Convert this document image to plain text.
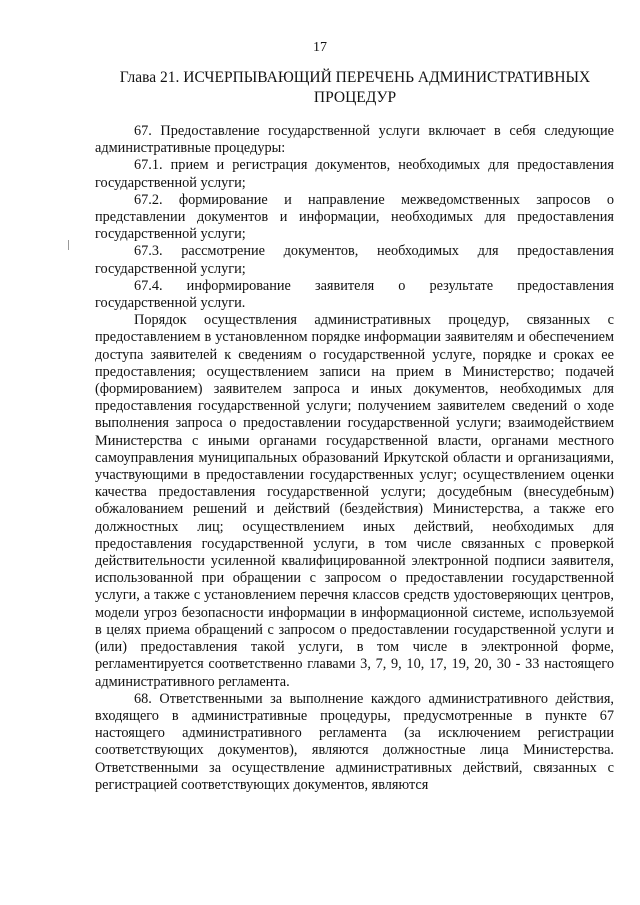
17
Глава 21. ИСЧЕРПЫВАЮЩИЙ ПЕРЕЧЕНЬ АДМИНИСТРАТИВНЫХ ПРОЦЕДУР

67. Предоставление государственной услуги включает в себя следующие административные процедуры:

67.1. прием и регистрация документов, необходимых для предоставления государственной услуги;

67.2. формирование и направление межведомственных запросов о представлении документов и информации, необходимых для предоставления государственной услуги;

67.3. рассмотрение документов, необходимых для предоставления государственной услуги;

67.4. информирование заявителя о результате предоставления государственной услуги.

Порядок осуществления административных процедур, связанных с предоставлением в установленном порядке информации заявителям и обеспечением доступа заявителей к сведениям о государственной услуге, порядке и сроках ее предоставления; осуществлением записи на прием в Министерство; подачей (формированием) заявителем запроса и иных документов, необходимых для предоставления государственной услуги; получением заявителем сведений о ходе выполнения запроса о предоставлении государственной услуги; взаимодействием Министерства с иными органами государственной власти, органами местного самоуправления муниципальных образований Иркутской области и организациями, участвующими в предоставлении государственных услуг; осуществлением оценки качества предоставления государственной услуги; досудебным (внесудебным) обжалованием решений и действий (бездействия) Министерства, а также его должностных лиц; осуществлением иных действий, необходимых для предоставления государственной услуги, в том числе связанных с проверкой действительности усиленной квалифицированной электронной подписи заявителя, использованной при обращении с запросом о предоставлении государственной услуги, а также с установлением перечня классов средств удостоверяющих центров, модели угроз безопасности информации в информационной системе, используемой в целях приема обращений с запросом о предоставлении государственной услуги и (или) предоставления такой услуги, в том числе в электронной форме, регламентируется соответственно главами 3, 7, 9, 10, 17, 19, 20, 30 - 33 настоящего административного регламента.

68. Ответственными за выполнение каждого административного действия, входящего в административные процедуры, предусмотренные в пункте 67 настоящего административного регламента (за исключением регистрации соответствующих документов), являются должностные лица Министерства. Ответственными за осуществление административных действий, связанных с регистрацией соответствующих документов, являются
